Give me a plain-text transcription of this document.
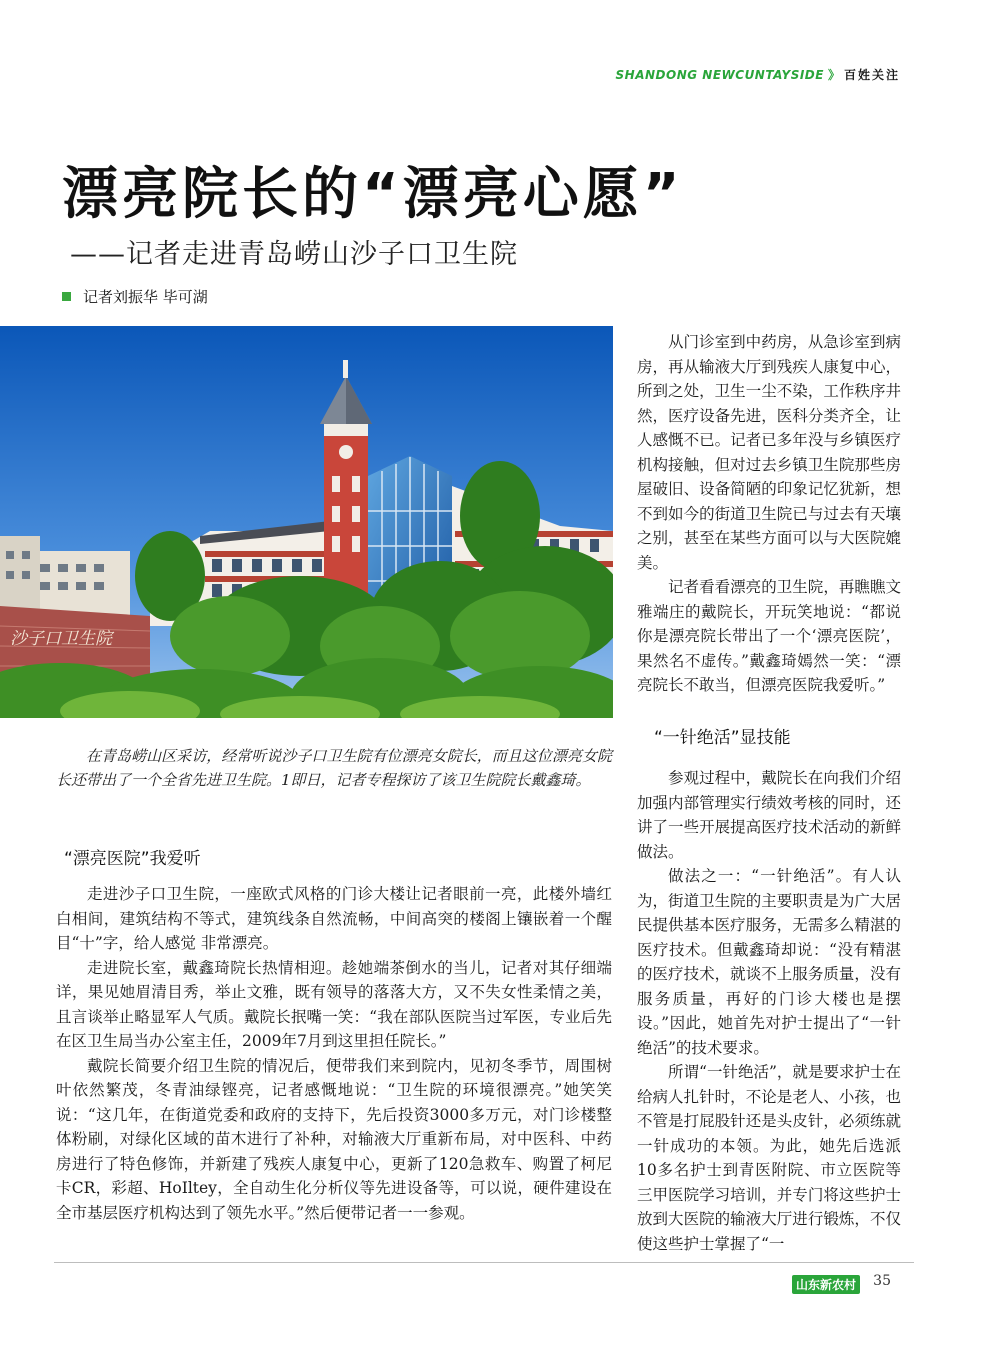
SHANDONG NEWCUNTAYSIDE 》 百姓关注
漂亮院长的“漂亮心愿”
——记者走进青岛崂山沙子口卫生院
记者刘振华 毕可湖
沙子口卫生院

在青岛崂山区采访，经常听说沙子口卫生院有位漂亮女院长，而且这位漂亮女院长还带出了一个全省先进卫生院。1即日，记者专程探访了该卫生院院长戴鑫琦。

“漂亮医院”我爱听

走进沙子口卫生院，一座欧式风格的门诊大楼让记者眼前一亮，此楼外墙红白相间，建筑结构不等式，建筑线条自然流畅，中间高突的楼阁上镶嵌着一个醒目“十”字，给人感觉 非常漂亮。

走进院长室，戴鑫琦院长热情相迎。趁她端茶倒水的当儿，记者对其仔细端详，果见她眉清目秀，举止文雅，既有领导的落落大方，又不失女性柔情之美，且言谈举止略显军人气质。戴院长抿嘴一笑：“我在部队医院当过军医，专业后先在区卫生局当办公室主任，2009年7月到这里担任院长。”

戴院长简要介绍卫生院的情况后，便带我们来到院内，见初冬季节，周围树叶依然繁茂，冬青油绿铿亮，记者感慨地说：“卫生院的环境很漂亮。”她笑笑说：“这几年，在街道党委和政府的支持下，先后投资3000多万元，对门诊楼整体粉刷，对绿化区域的苗木进行了补种，对输液大厅重新布局，对中医科、中药房进行了特色修饰，并新建了残疾人康复中心，更新了120急救车、购置了柯尼卡CR，彩超、HoIltey，全自动生化分析仪等先进设备等，可以说，硬件建设在全市基层医疗机构达到了领先水平。”然后便带记者一一参观。

从门诊室到中药房，从急诊室到病房，再从输液大厅到残疾人康复中心，所到之处，卫生一尘不染，工作秩序井然，医疗设备先进，医科分类齐全，让人感慨不已。记者已多年没与乡镇医疗机构接触，但对过去乡镇卫生院那些房屋破旧、设备简陋的印象记忆犹新，想不到如今的街道卫生院已与过去有天壤之别，甚至在某些方面可以与大医院媲美。

记者看看漂亮的卫生院，再瞧瞧文雅端庄的戴院长，开玩笑地说：“都说你是漂亮院长带出了一个‘漂亮医院’，果然名不虚传。”戴鑫琦嫣然一笑：“漂亮院长不敢当，但漂亮医院我爱听。”

“一针绝活”显技能

参观过程中，戴院长在向我们介绍加强内部管理实行绩效考核的同时，还讲了一些开展提高医疗技术活动的新鲜做法。

做法之一：“一针绝活”。有人认为，街道卫生院的主要职责是为广大居民提供基本医疗服务，无需多么精湛的医疗技术。但戴鑫琦却说：“没有精湛的医疗技术，就谈不上服务质量，没有服务质量，再好的门诊大楼也是摆设。”因此，她首先对护士提出了“一针绝活”的技术要求。

所谓“一针绝活”，就是要求护士在给病人扎针时，不论是老人、小孩，也不管是打屁股针还是头皮针，必须练就一针成功的本领。为此，她先后选派10多名护士到青医附院、市立医院等三甲医院学习培训，并专门将这些护士放到大医院的输液大厅进行锻炼，不仅使这些护士掌握了“一

山东新农村 35
